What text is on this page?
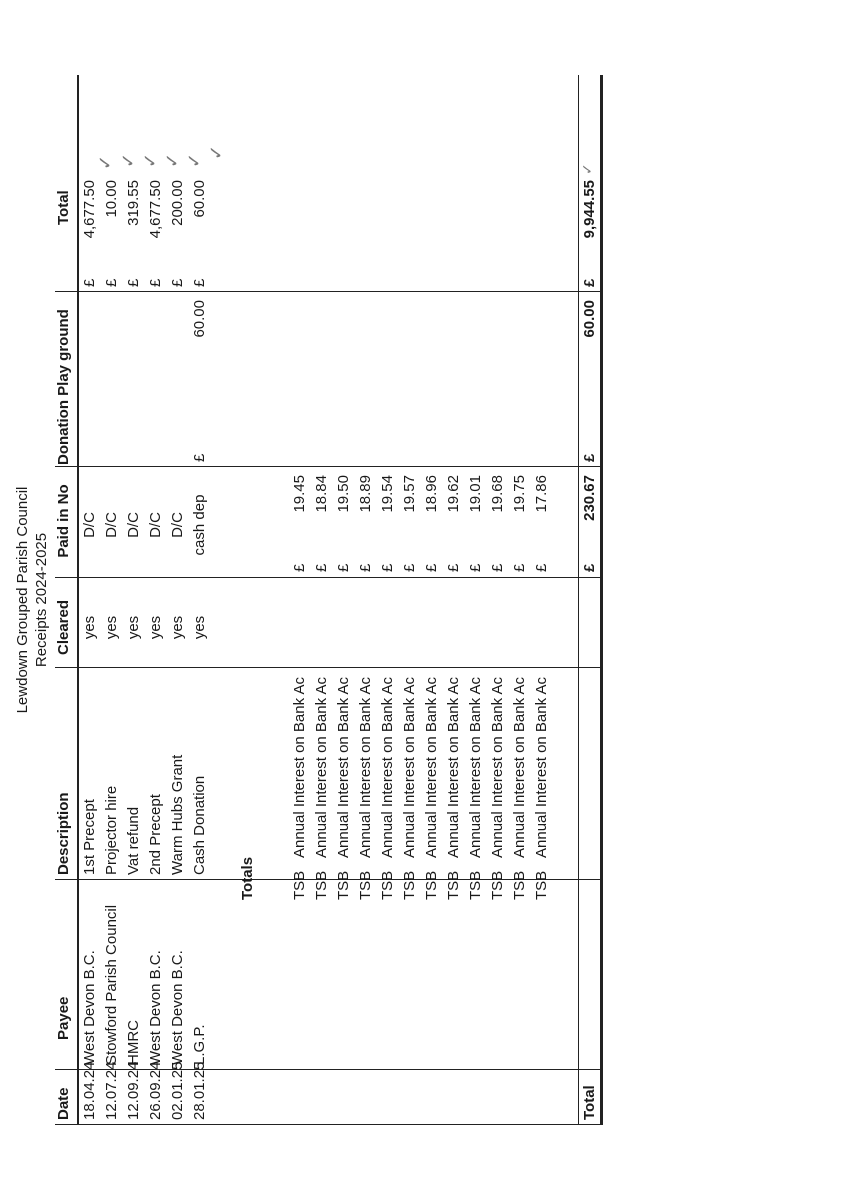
Lewdown Grouped Parish Council Receipts 2024-2025
Date
Payee
Description
Cleared
Paid in No
Donation Play ground
Total
18.04.24
West Devon B.C.
1st Precept
yes
D/C
£
4,677.50
12.07.24
Stowford Parish Council
Projector hire
yes
D/C
£
10.00
12.09.24
HMRC
Vat refund
yes
D/C
£
319.55
26.09.24
West Devon B.C.
2nd Precept
yes
D/C
£
4,677.50
02.01.25
West Devon B.C.
Warm Hubs Grant
yes
D/C
£
200.00
28.01.25
L.G.P.
Cash Donation
yes
cash dep
£
60.00
£
60.00
Totals TSB
Annual Interest on Bank Ac
£
19.45
TSB
Annual Interest on Bank Ac
£
18.84
TSB
Annual Interest on Bank Ac
£
19.50
TSB
Annual Interest on Bank Ac
£
18.89
TSB
Annual Interest on Bank Ac
£
19.54
TSB
Annual Interest on Bank Ac
£
19.57
TSB
Annual Interest on Bank Ac
£
18.96
TSB
Annual Interest on Bank Ac
£
19.62
TSB
Annual Interest on Bank Ac
£
19.01
TSB
Annual Interest on Bank Ac
£
19.68
TSB
Annual Interest on Bank Ac
£
19.75
TSB
Annual Interest on Bank Ac
£
17.86
Total
£
230.67
£
60.00
£
9,944.55
✓ ✓ ✓ ✓ ✓
✓
✓
